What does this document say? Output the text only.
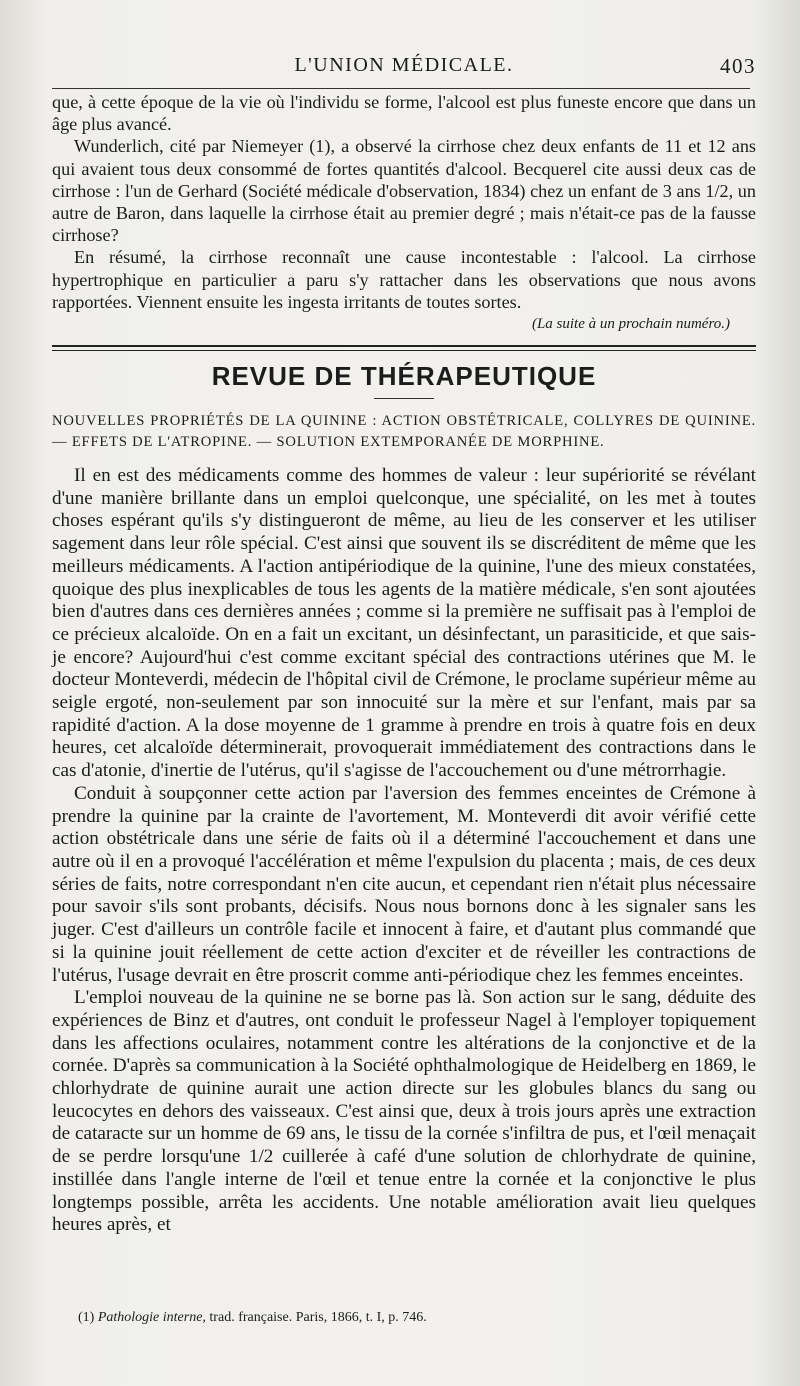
L'UNION MÉDICALE.	403

que, à cette époque de la vie où l'individu se forme, l'alcool est plus funeste encore que dans un âge plus avancé.

Wunderlich, cité par Niemeyer (1), a observé la cirrhose chez deux enfants de 11 et 12 ans qui avaient tous deux consommé de fortes quantités d'alcool. Becquerel cite aussi deux cas de cirrhose : l'un de Gerhard (Société médicale d'observation, 1834) chez un enfant de 3 ans 1/2, un autre de Baron, dans laquelle la cirrhose était au premier degré ; mais n'était-ce pas de la fausse cirrhose?

En résumé, la cirrhose reconnaît une cause incontestable : l'alcool. La cirrhose hypertrophique en particulier a paru s'y rattacher dans les observations que nous avons rapportées. Viennent ensuite les ingesta irritants de toutes sortes.

(La suite à un prochain numéro.)
REVUE DE THÉRAPEUTIQUE
NOUVELLES PROPRIÉTÉS DE LA QUININE : ACTION OBSTÉTRICALE, COLLYRES DE QUININE. — EFFETS DE L'ATROPINE. — SOLUTION EXTEMPORANÉE DE MORPHINE.

Il en est des médicaments comme des hommes de valeur : leur supériorité se révélant d'une manière brillante dans un emploi quelconque, une spécialité, on les met à toutes choses espérant qu'ils s'y distingueront de même, au lieu de les conserver et les utiliser sagement dans leur rôle spécial. C'est ainsi que souvent ils se discréditent de même que les meilleurs médicaments. A l'action antipériodique de la quinine, l'une des mieux constatées, quoique des plus inexplicables de tous les agents de la matière médicale, s'en sont ajoutées bien d'autres dans ces dernières années ; comme si la première ne suffisait pas à l'emploi de ce précieux alcaloïde. On en a fait un excitant, un désinfectant, un parasiticide, et que sais-je encore? Aujourd'hui c'est comme excitant spécial des contractions utérines que M. le docteur Monteverdi, médecin de l'hôpital civil de Crémone, le proclame supérieur même au seigle ergoté, non-seulement par son innocuité sur la mère et sur l'enfant, mais par sa rapidité d'action. A la dose moyenne de 1 gramme à prendre en trois à quatre fois en deux heures, cet alcaloïde déterminerait, provoquerait immédiatement des contractions dans le cas d'atonie, d'inertie de l'utérus, qu'il s'agisse de l'accouchement ou d'une métrorrhagie.

Conduit à soupçonner cette action par l'aversion des femmes enceintes de Crémone à prendre la quinine par la crainte de l'avortement, M. Monteverdi dit avoir vérifié cette action obstétricale dans une série de faits où il a déterminé l'accouchement et dans une autre où il en a provoqué l'accélération et même l'expulsion du placenta ; mais, de ces deux séries de faits, notre correspondant n'en cite aucun, et cependant rien n'était plus nécessaire pour savoir s'ils sont probants, décisifs. Nous nous bornons donc à les signaler sans les juger. C'est d'ailleurs un contrôle facile et innocent à faire, et d'autant plus commandé que si la quinine jouit réellement de cette action d'exciter et de réveiller les contractions de l'utérus, l'usage devrait en être proscrit comme anti-périodique chez les femmes enceintes.

L'emploi nouveau de la quinine ne se borne pas là. Son action sur le sang, déduite des expériences de Binz et d'autres, ont conduit le professeur Nagel à l'employer topiquement dans les affections oculaires, notamment contre les altérations de la conjonctive et de la cornée. D'après sa communication à la Société ophthalmologique de Heidelberg en 1869, le chlorhydrate de quinine aurait une action directe sur les globules blancs du sang ou leucocytes en dehors des vaisseaux. C'est ainsi que, deux à trois jours après une extraction de cataracte sur un homme de 69 ans, le tissu de la cornée s'infiltra de pus, et l'œil menaçait de se perdre lorsqu'une 1/2 cuillerée à café d'une solution de chlorhydrate de quinine, instillée dans l'angle interne de l'œil et tenue entre la cornée et la conjonctive le plus longtemps possible, arrêta les accidents. Une notable amélioration avait lieu quelques heures après, et

(1) Pathologie interne, trad. française. Paris, 1866, t. I, p. 746.
